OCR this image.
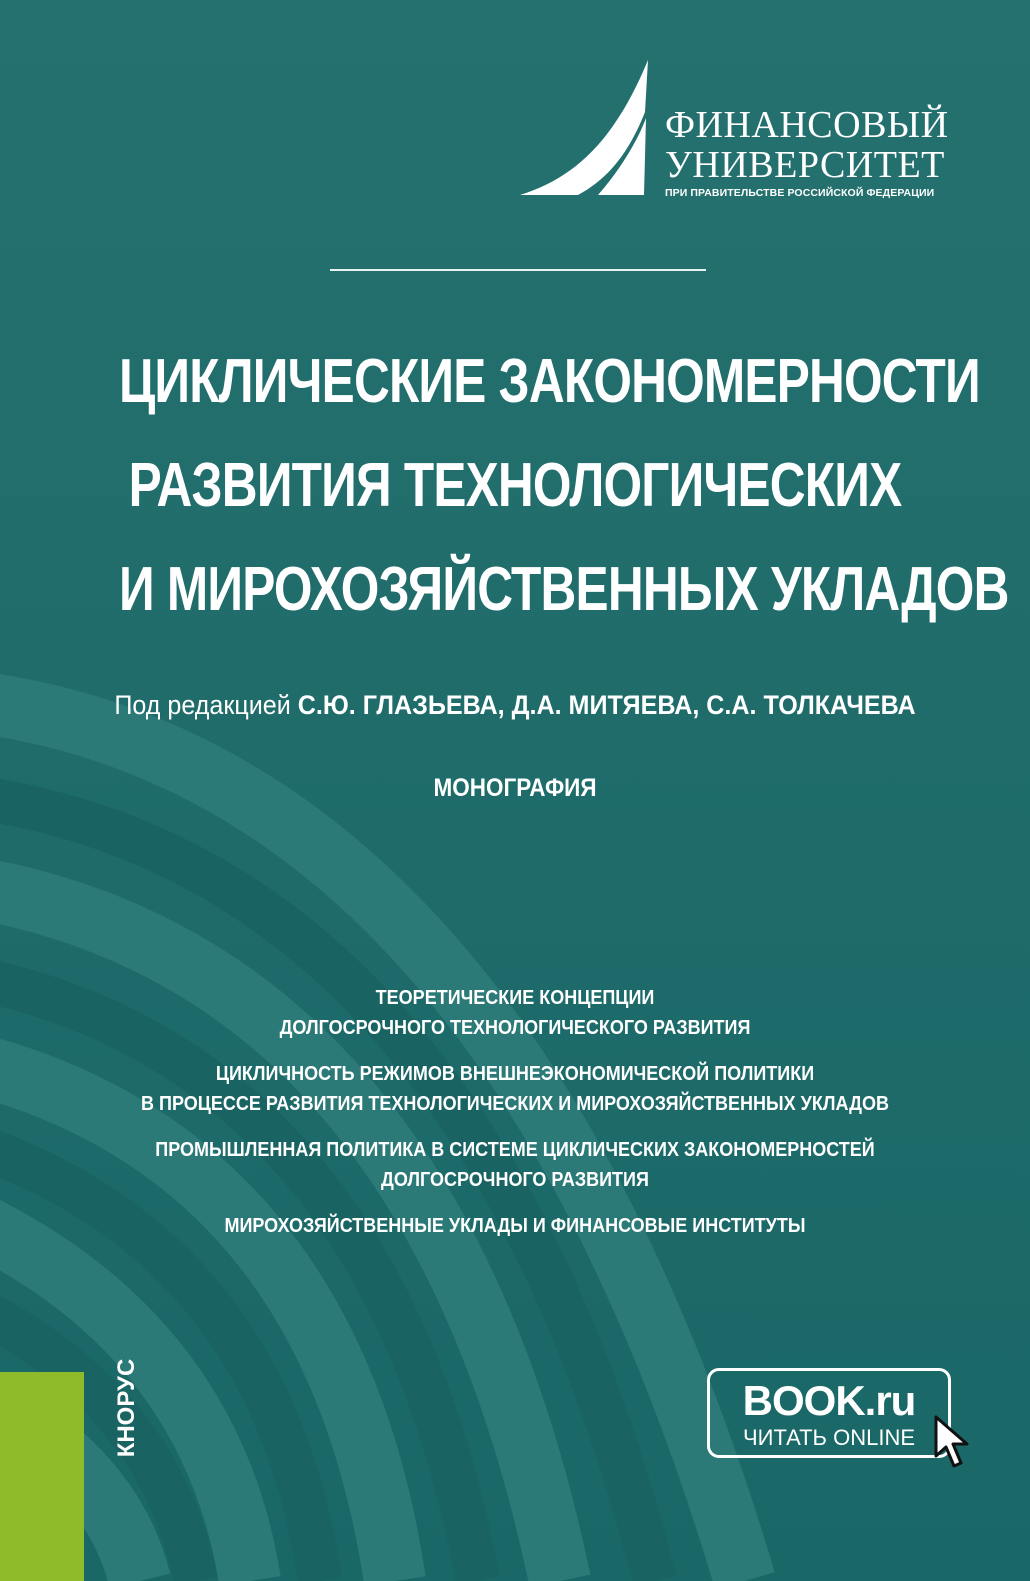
1919
ФИНАНСОВЫЙ
УНИВЕРСИТЕТ
ПРИ ПРАВИТЕЛЬСТВЕ РОССИЙСКОЙ ФЕДЕРАЦИИ
ЦИКЛИЧЕСКИЕ ЗАКОНОМЕРНОСТИ
РАЗВИТИЯ ТЕХНОЛОГИЧЕСКИХ
И МИРОХОЗЯЙСТВЕННЫХ УКЛАДОВ
Под редакцией С.Ю. ГЛАЗЬЕВА, Д.А. МИТЯЕВА, С.А. ТОЛКАЧЕВА
МОНОГРАФИЯ
ТЕОРЕТИЧЕСКИЕ КОНЦЕПЦИИ
ДОЛГОСРОЧНОГО ТЕХНОЛОГИЧЕСКОГО РАЗВИТИЯ
ЦИКЛИЧНОСТЬ РЕЖИМОВ ВНЕШНЕЭКОНОМИЧЕСКОЙ ПОЛИТИКИ
В ПРОЦЕССЕ РАЗВИТИЯ ТЕХНОЛОГИЧЕСКИХ И МИРОХОЗЯЙСТВЕННЫХ УКЛАДОВ
ПРОМЫШЛЕННАЯ ПОЛИТИКА В СИСТЕМЕ ЦИКЛИЧЕСКИХ ЗАКОНОМЕРНОСТЕЙ
ДОЛГОСРОЧНОГО РАЗВИТИЯ
МИРОХОЗЯЙСТВЕННЫЕ УКЛАДЫ И ФИНАНСОВЫЕ ИНСТИТУТЫ
КНОРУС	BOOK.ru
ЧИТАТЬ ONLINE
